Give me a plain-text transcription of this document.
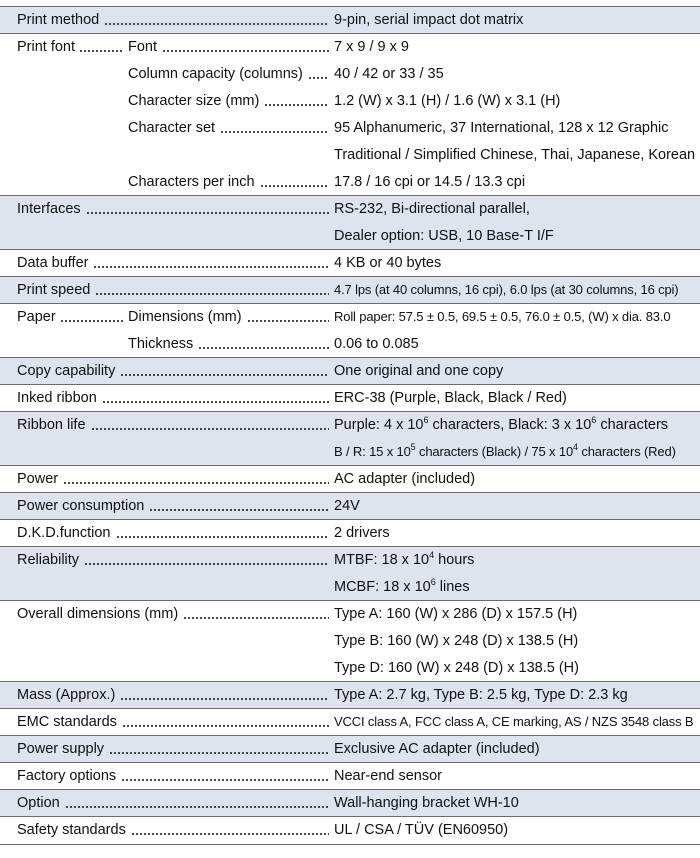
Print method	9-pin, serial impact dot matrix
Print font	Font	7 x 9 / 9 x 9
Column capacity (columns) 40 / 42 or 33 / 35
Character size (mm)	1.2 (W) x 3.1 (H) / 1.6 (W) x 3.1 (H)
Character set	95 Alphanumeric, 37 International, 128 x 12 Graphic
Traditional / Simplified Chinese, Thai, Japanese, Korean
Characters per inch	17.8 / 16 cpi or 14.5 / 13.3 cpi
Interfaces	RS-232, Bi-directional parallel,
Dealer option: USB, 10 Base-T I/F
Data buffer	4 KB or 40 bytes
Print speed	4.7 lps (at 40 columns, 16 cpi), 6.0 lps (at 30 columns, 16 cpi)
Paper	Dimensions (mm)	Roll paper: 57.5 ± 0.5, 69.5 ± 0.5, 76.0 ± 0.5, (W) x dia. 83.0
Thickness	0.06 to 0.085
Copy capability	One original and one copy
Inked ribbon	ERC-38 (Purple, Black, Black / Red)
Ribbon life	Purple: 4 x $10^6$ characters, Black: 3 x $10^6$ characters
B / R: 15 x $10^5$ characters (Black) / 75 x $10^4$ characters (Red)
Power	AC adapter (included)
Power consumption	24V
D.K.D.function	2 drivers
Reliability	MTBF: 18 x $10^4$ hours
MCBF: 18 x $10^6$ lines
Overall dimensions (mm)	Type A: 160 (W) x 286 (D) x 157.5 (H)
Type B: 160 (W) x 248 (D) x 138.5 (H)
Type D: 160 (W) x 248 (D) x 138.5 (H)
Mass (Approx.)	Type A: 2.7 kg, Type B: 2.5 kg, Type D: 2.3 kg
EMC standards	VCCI class A, FCC class A, CE marking, AS / NZS 3548 class B
Power supply	Exclusive AC adapter (included)
Factory options	Near-end sensor
Option	Wall-hanging bracket WH-10
Safety standards	UL / CSA / TÜV (EN60950)
